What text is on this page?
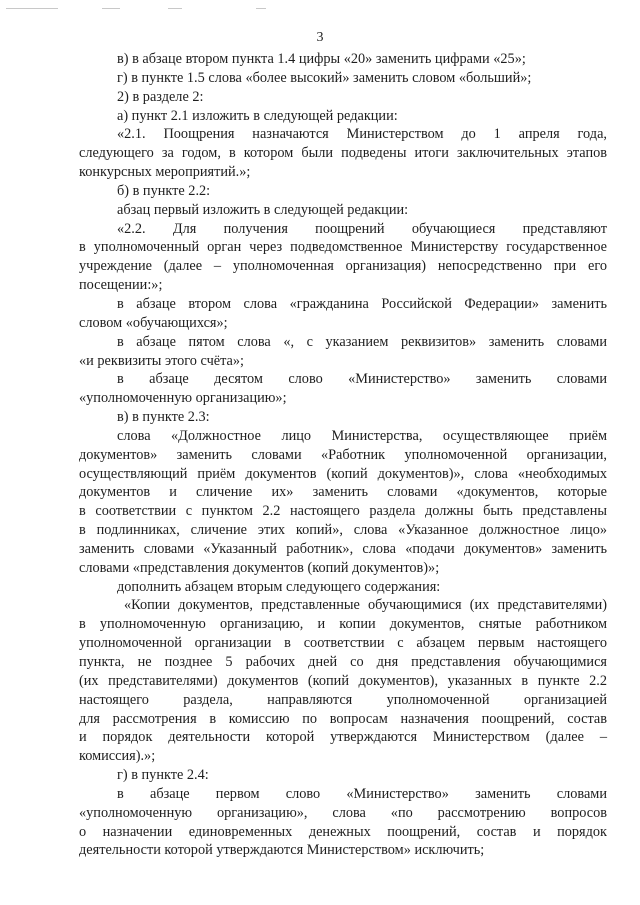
3

в) в абзаце втором пункта 1.4 цифры «20» заменить цифрами «25»;

г) в пункте 1.5 слова «более высокий» заменить словом «больший»;

2) в разделе 2:

а) пункт 2.1 изложить в следующей редакции:

«2.1. Поощрения назначаются Министерством до 1 апреля года,

следующего за годом, в котором были подведены итоги заключительных этапов

конкурсных мероприятий.»;

б) в пункте 2.2:

абзац первый изложить в следующей редакции:

«2.2. Для получения поощрений обучающиеся представляют

в уполномоченный орган через подведомственное Министерству государственное

учреждение (далее – уполномоченная организация) непосредственно при его

посещении:»;

в абзаце втором слова «гражданина Российской Федерации» заменить

словом «обучающихся»;

в абзаце пятом слова «, с указанием реквизитов» заменить словами

«и реквизиты этого счёта»;

в абзаце десятом слово «Министерство» заменить словами

«уполномоченную организацию»;

в) в пункте 2.3:

слова «Должностное лицо Министерства, осуществляющее приём

документов» заменить словами «Работник уполномоченной организации,

осуществляющий приём документов (копий документов)», слова «необходимых

документов и сличение их» заменить словами «документов, которые

в соответствии с пунктом 2.2 настоящего раздела должны быть представлены

в подлинниках, сличение этих копий», слова «Указанное должностное лицо»

заменить словами «Указанный работник», слова «подачи документов» заменить

словами «представления документов (копий документов)»;

дополнить абзацем вторым следующего содержания:

«Копии документов, представленные обучающимися (их представителями)

в уполномоченную организацию, и копии документов, снятые работником

уполномоченной организации в соответствии с абзацем первым настоящего

пункта, не позднее 5 рабочих дней со дня представления обучающимися

(их представителями) документов (копий документов), указанных в пункте 2.2

настоящего раздела, направляются уполномоченной организацией

для рассмотрения в комиссию по вопросам назначения поощрений, состав

и порядок деятельности которой утверждаются Министерством (далее –

комиссия).»;

г) в пункте 2.4:

в абзаце первом слово «Министерство» заменить словами

«уполномоченную организацию», слова «по рассмотрению вопросов

о назначении единовременных денежных поощрений, состав и порядок

деятельности которой утверждаются Министерством» исключить;
